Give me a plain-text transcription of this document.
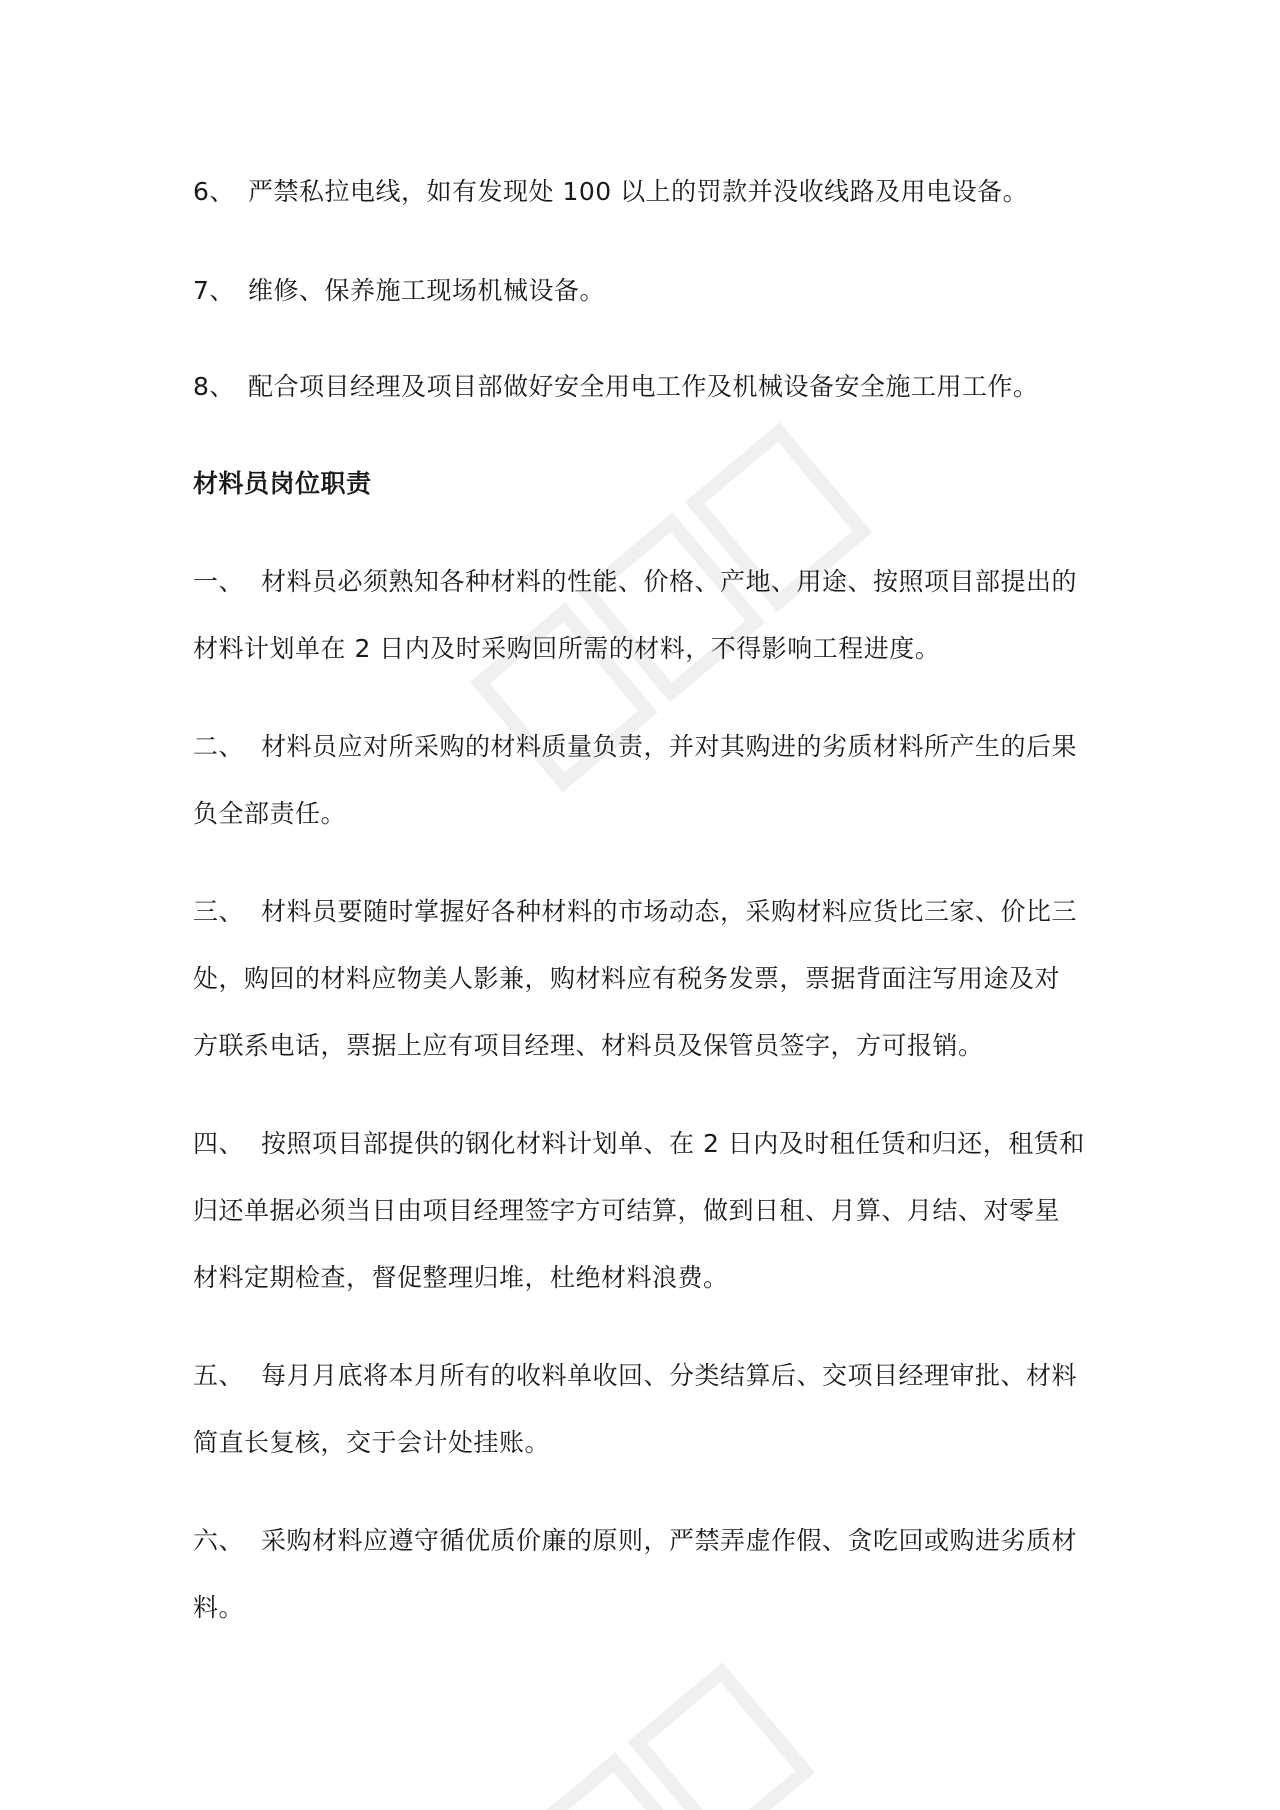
6、 严禁私拉电线，如有发现处 100 以上的罚款并没收线路及用电设备。
7、 维修、保养施工现场机械设备。
8、 配合项目经理及项目部做好安全用电工作及机械设备安全施工用工作。
材料员岗位职责
一、 材料员必须熟知各种材料的性能、价格、产地、用途、按照项目部提出的
材料计划单在 2 日内及时采购回所需的材料，不得影响工程进度。
二、 材料员应对所采购的材料质量负责，并对其购进的劣质材料所产生的后果
负全部责任。
三、 材料员要随时掌握好各种材料的市场动态，采购材料应货比三家、价比三
处，购回的材料应物美人影兼，购材料应有税务发票，票据背面注写用途及对
方联系电话，票据上应有项目经理、材料员及保管员签字，方可报销。
四、 按照项目部提供的钢化材料计划单、在 2 日内及时租任赁和归还，租赁和
归还单据必须当日由项目经理签字方可结算，做到日租、月算、月结、对零星
材料定期检查，督促整理归堆，杜绝材料浪费。
五、 每月月底将本月所有的收料单收回、分类结算后、交项目经理审批、材料
简直长复核，交于会计处挂账。
六、 采购材料应遵守循优质价廉的原则，严禁弄虚作假、贪吃回或购进劣质材
料。
